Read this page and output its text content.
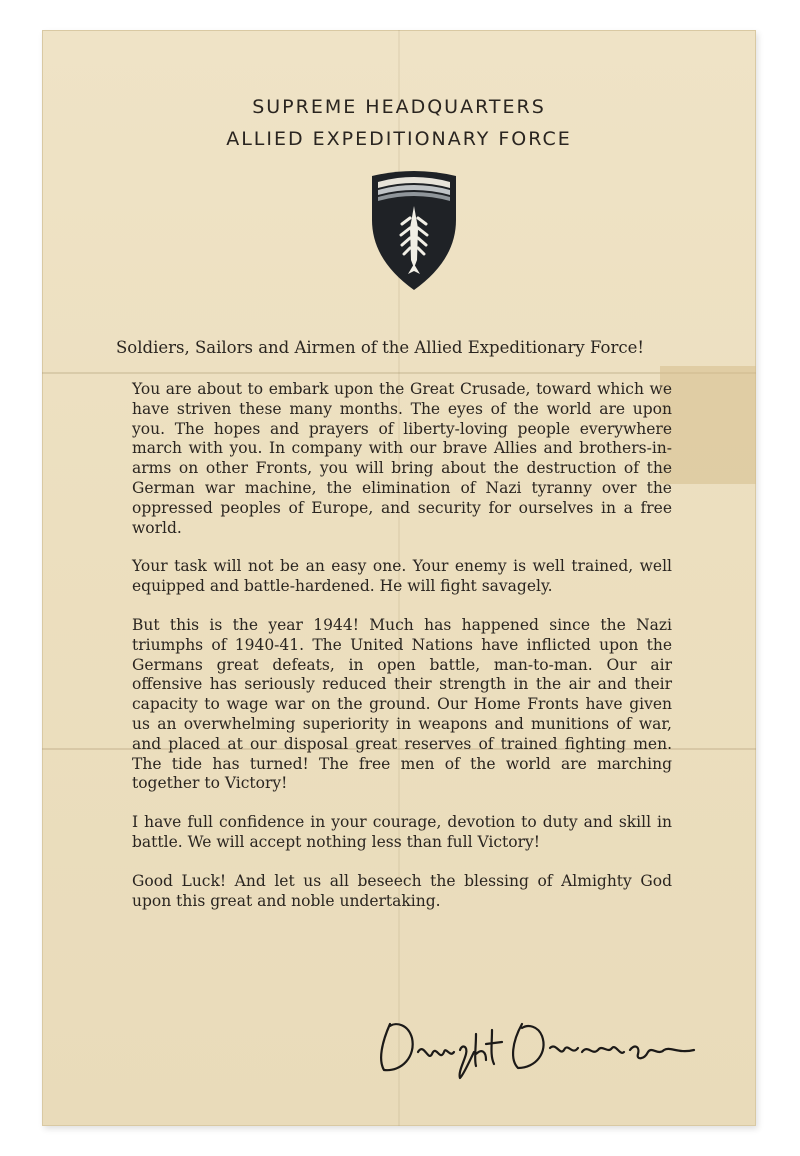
SUPREME HEADQUARTERS
ALLIED EXPEDITIONARY FORCE
Soldiers, Sailors and Airmen of the Allied Expeditionary Force!

You are about to embark upon the Great Crusade, toward which we have striven these many months. The eyes of the world are upon you. The hopes and prayers of liberty-loving people everywhere march with you. In company with our brave Allies and brothers-in-arms on other Fronts, you will bring about the destruction of the German war machine, the elimination of Nazi tyranny over the oppressed peoples of Europe, and security for ourselves in a free world.

Your task will not be an easy one. Your enemy is well trained, well equipped and battle-hardened. He will fight savagely.

But this is the year 1944! Much has happened since the Nazi triumphs of 1940-41. The United Nations have inflicted upon the Germans great defeats, in open battle, man-to-man. Our air offensive has seriously reduced their strength in the air and their capacity to wage war on the ground. Our Home Fronts have given us an overwhelming superiority in weapons and munitions of war, and placed at our disposal great reserves of trained fighting men. The tide has turned! The free men of the world are marching together to Victory!

I have full confidence in your courage, devotion to duty and skill in battle. We will accept nothing less than full Victory!

Good Luck! And let us all beseech the blessing of Almighty God upon this great and noble undertaking.
